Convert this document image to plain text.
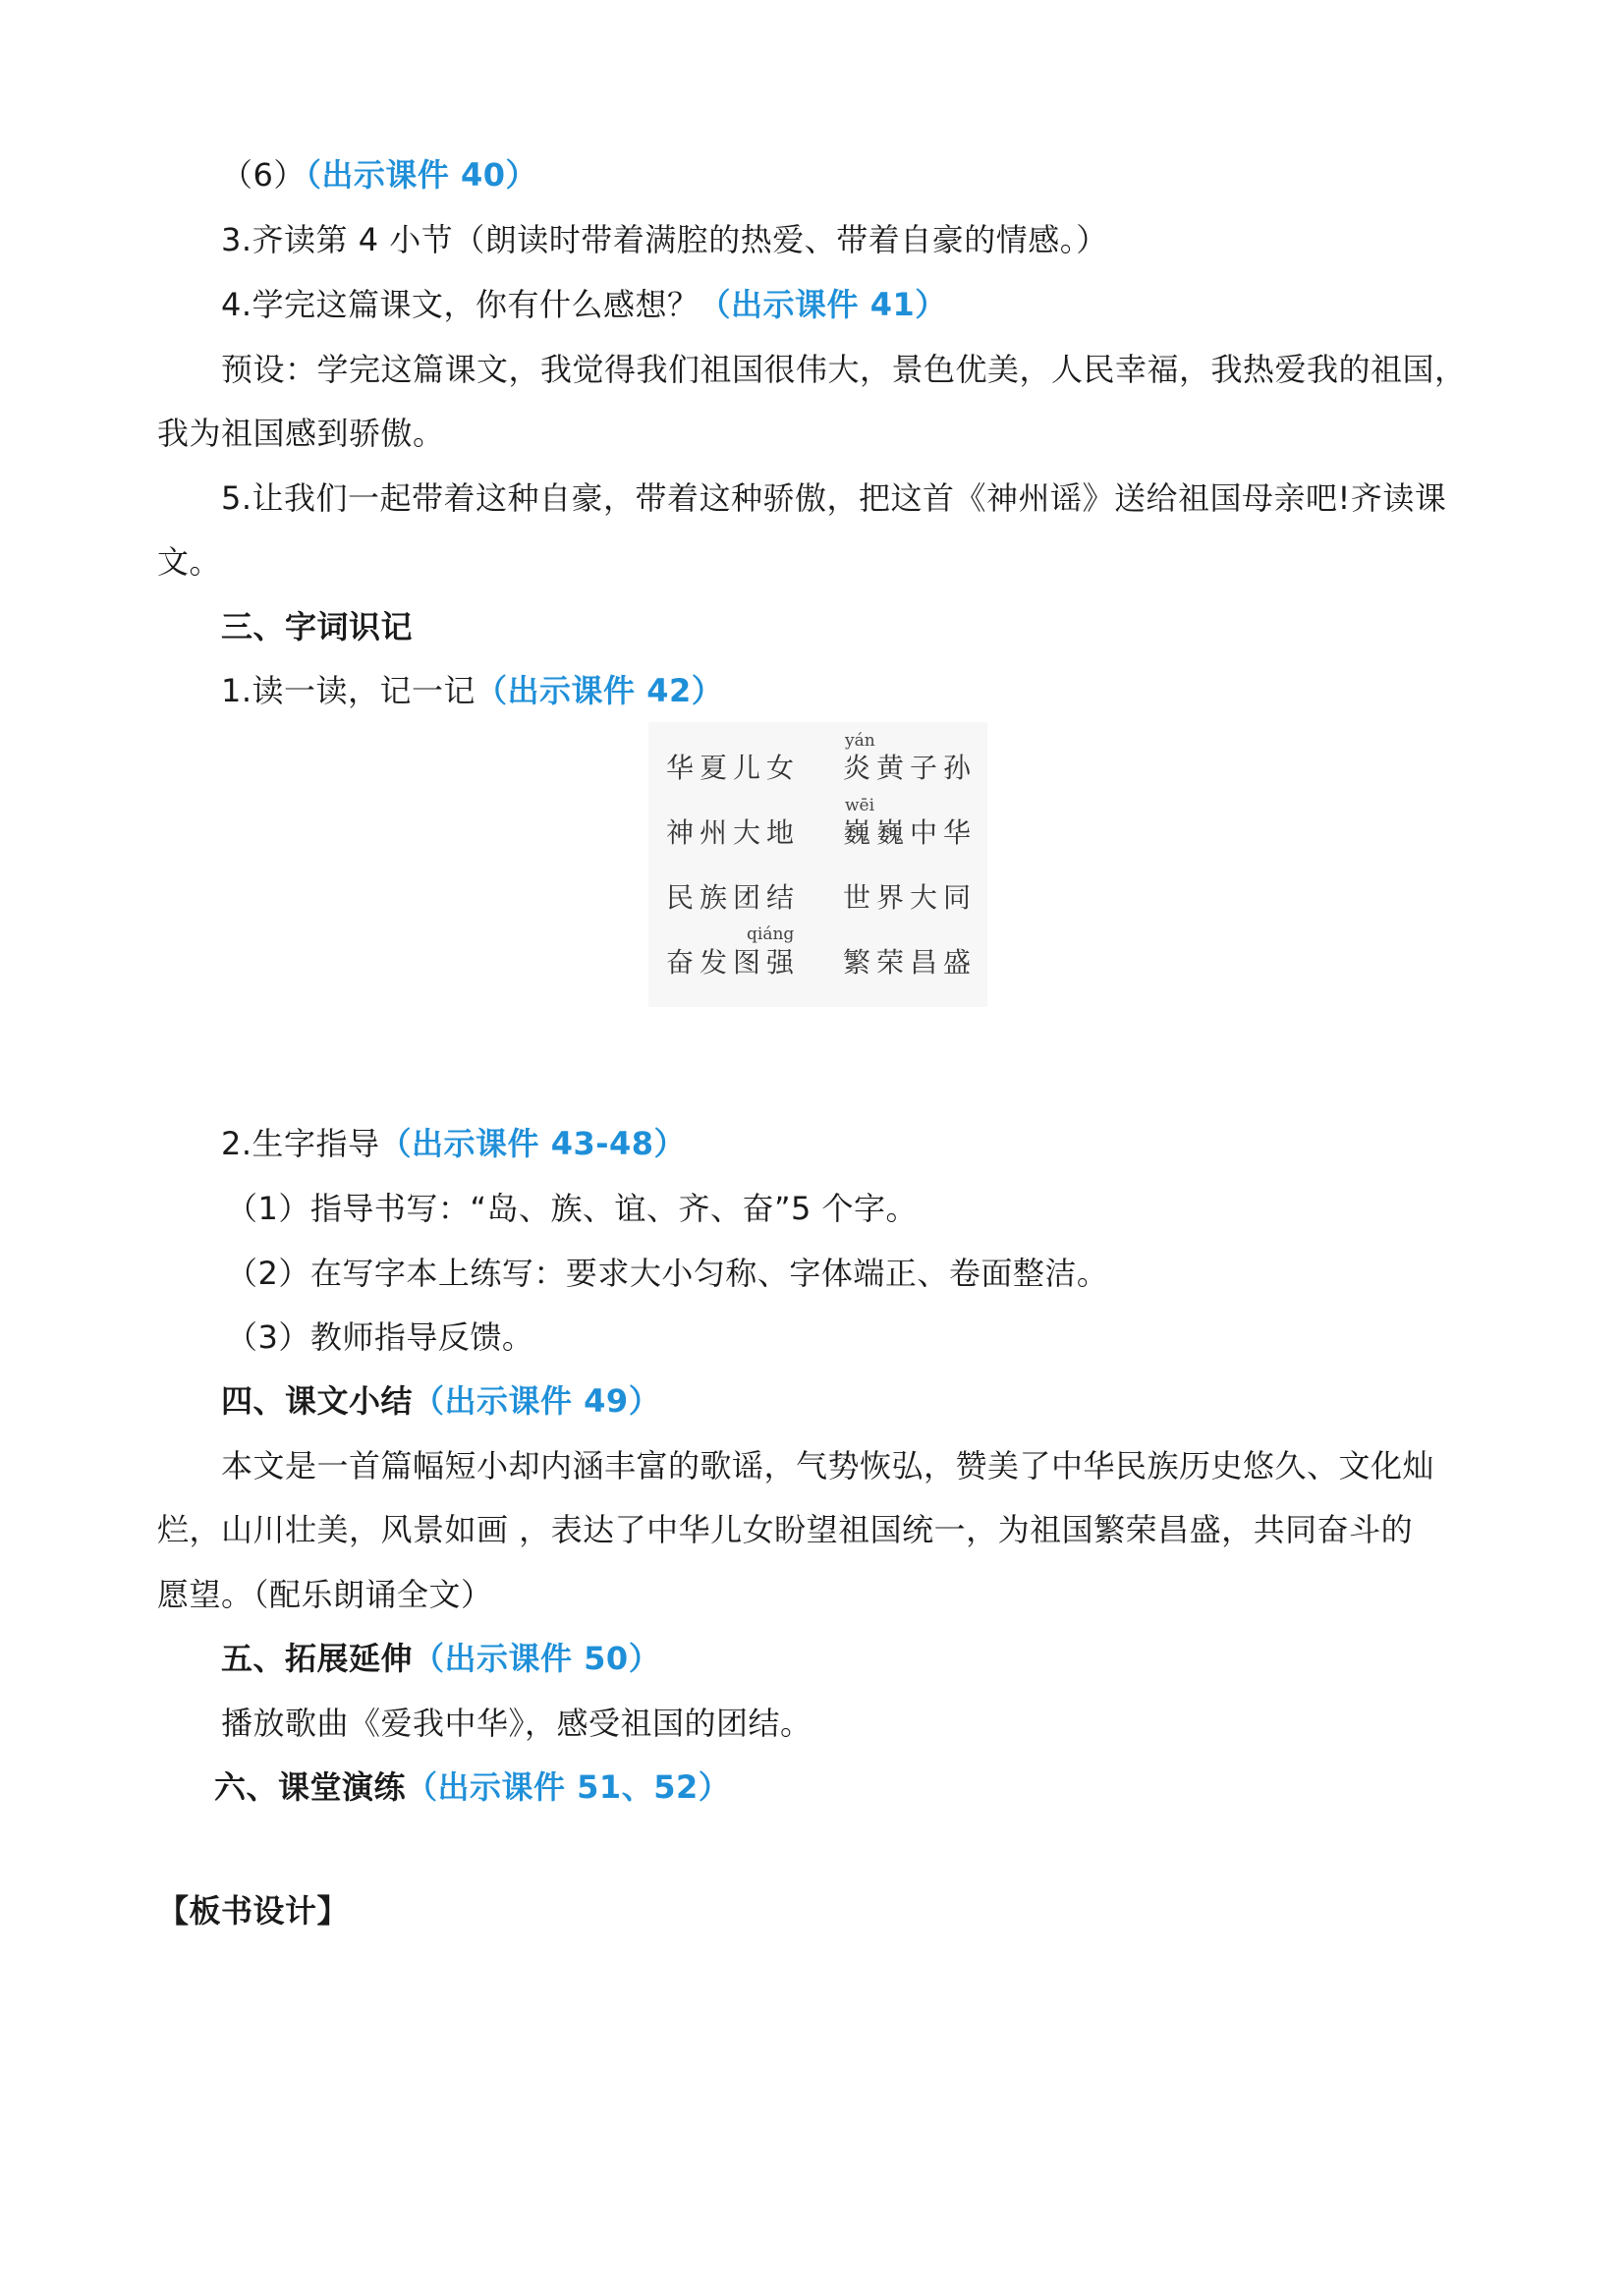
（6）（出示课件 40）
3.齐读第 4 小节（朗读时带着满腔的热爱、带着自豪的情感。）
4.学完这篇课文，你有什么感想？（出示课件 41）
预设：学完这篇课文，我觉得我们祖国很伟大，景色优美，人民幸福，我热爱我的祖国，
我为祖国感到骄傲。
5.让我们一起带着这种自豪，带着这种骄傲，把这首《神州谣》送给祖国母亲吧!齐读课
文。
三、字词识记
1.读一读，记一记（出示课件 42）
华夏儿女
yán
炎黄子孙
神州大地
wēi
巍巍中华
民族团结 世界大同
qiáng
奋发图强 繁荣昌盛
2.生字指导（出示课件 43-48）
（1）指导书写：“岛、族、谊、齐、奋”5 个字。
（2）在写字本上练写：要求大小匀称、字体端正、卷面整洁。
（3）教师指导反馈。
四、课文小结（出示课件 49）
本文是一首篇幅短小却内涵丰富的歌谣，气势恢弘，赞美了中华民族历史悠久、文化灿
烂，山川壮美，风景如画 ，表达了中华儿女盼望祖国统一，为祖国繁荣昌盛，共同奋斗的
愿望。（配乐朗诵全文）
五、拓展延伸（出示课件 50）
播放歌曲《爱我中华》，感受祖国的团结。
六、课堂演练（出示课件 51、52）
【板书设计】
